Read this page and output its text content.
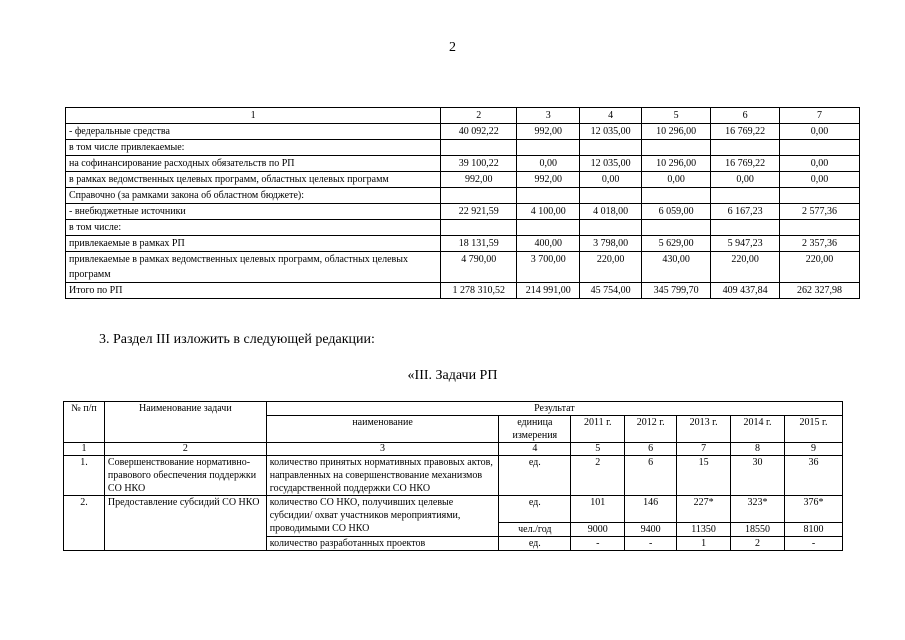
2
1	2	3	4	5	6	7
- федеральные средства	40 092,22	992,00	12 035,00	10 296,00	16 769,22	0,00
в том числе привлекаемые:						
на софинансирование расходных обязательств по РП	39 100,22	0,00	12 035,00	10 296,00	16 769,22	0,00
в рамках ведомственных целевых программ, областных целевых программ	992,00	992,00	0,00	0,00	0,00	0,00
Справочно (за рамками закона об областном бюджете):						
- внебюджетные источники	22 921,59	4 100,00	4 018,00	6 059,00	6 167,23	2 577,36
в том числе:						
привлекаемые в рамках РП	18 131,59	400,00	3 798,00	5 629,00	5 947,23	2 357,36
привлекаемые в рамках ведомственных целевых программ, областных целевых программ	4 790,00	3 700,00	220,00	430,00	220,00	220,00
Итого по РП	1 278 310,52	214 991,00	45 754,00	345 799,70	409 437,84	262 327,98
3. Раздел III изложить в следующей редакции:
«III. Задачи РП
№ п/п	Наименование задачи	Результат						
		наименование	единица измерения	2011 г.	2012 г.	2013 г.	2014 г.	2015 г.
1	2	3	4	5	6	7	8	9
1.	Совершенствование нормативно-правового обеспечения поддержки СО НКО	количество принятых нормативных правовых актов, направленных на совершенствование механизмов государственной поддержки СО НКО	ед.	2	6	15	30	36
2.	Предоставление субсидий СО НКО	количество СО НКО, получивших целевые субсидии/ охват участников мероприятиями, проводимыми СО НКО	ед.	101	146	227*	323*	376*
			чел./год	9000	9400	11350	18550	8100
		количество разработанных проектов	ед.	-	-	1	2	-
